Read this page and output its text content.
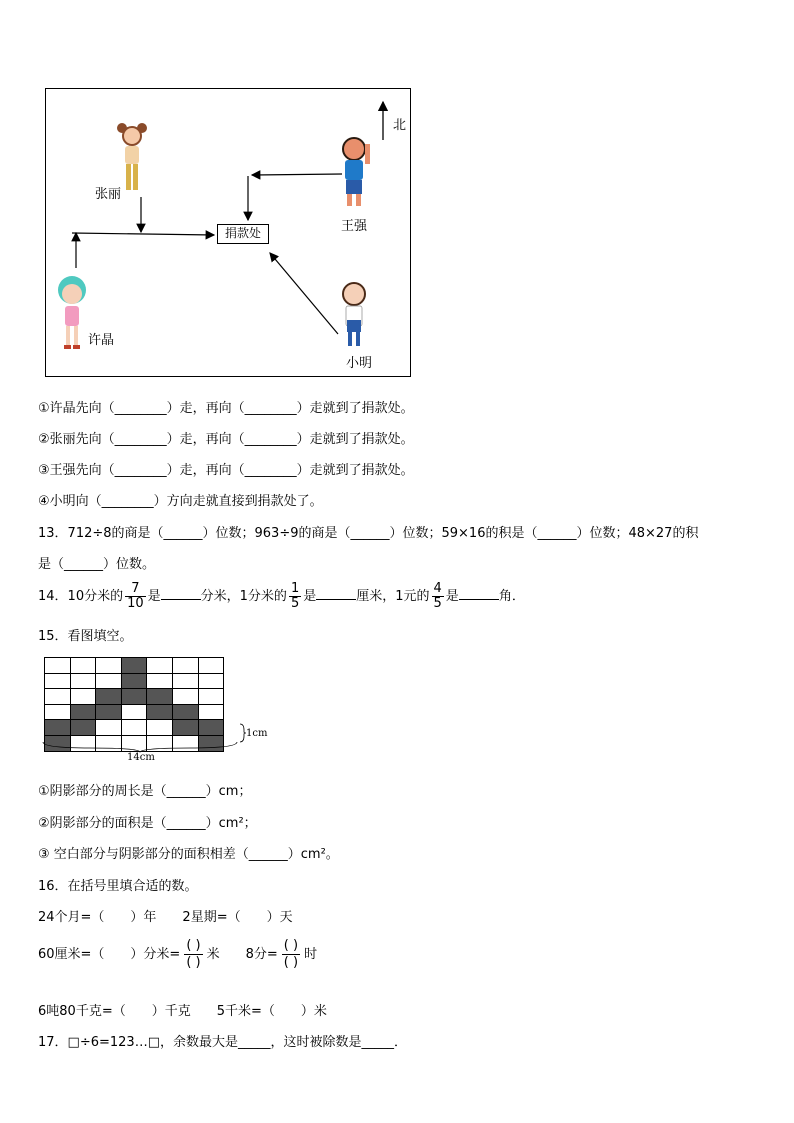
北
张丽
王强
许晶
小明
捐款处
①许晶先向（________）走，再向（________）走就到了捐款处。
②张丽先向（________）走，再向（________）走就到了捐款处。
③王强先向（________）走，再向（________）走就到了捐款处。
④小明向（________）方向走就直接到捐款处了。
13．712÷8的商是（______）位数；963÷9的商是（______）位数；59×16的积是（______）位数；48×27的积
是（______）位数。
14．10分米的 $\frac{7}{10}$ 是	分米，1分米的 $\frac{1}{5}$ 是	厘米，1元的 $\frac{4}{5}$ 是	角．
15．看图填空。
1cm
14cm
①阴影部分的周长是（______）cm；
②阴影部分的面积是（______）cm²；
③ 空白部分与阴影部分的面积相差（______）cm²。
16．在括号里填合适的数。
24个月=（　　）年　　2星期=（　　）天
60厘米=（　　）分米= $\frac{( )}{( )}$ 米　　8分= $\frac{( )}{( )}$ 时
6吨80千克=（　　）千克　　5千米=（　　）米
17．□÷6=123…□，余数最大是_____，这时被除数是_____．
